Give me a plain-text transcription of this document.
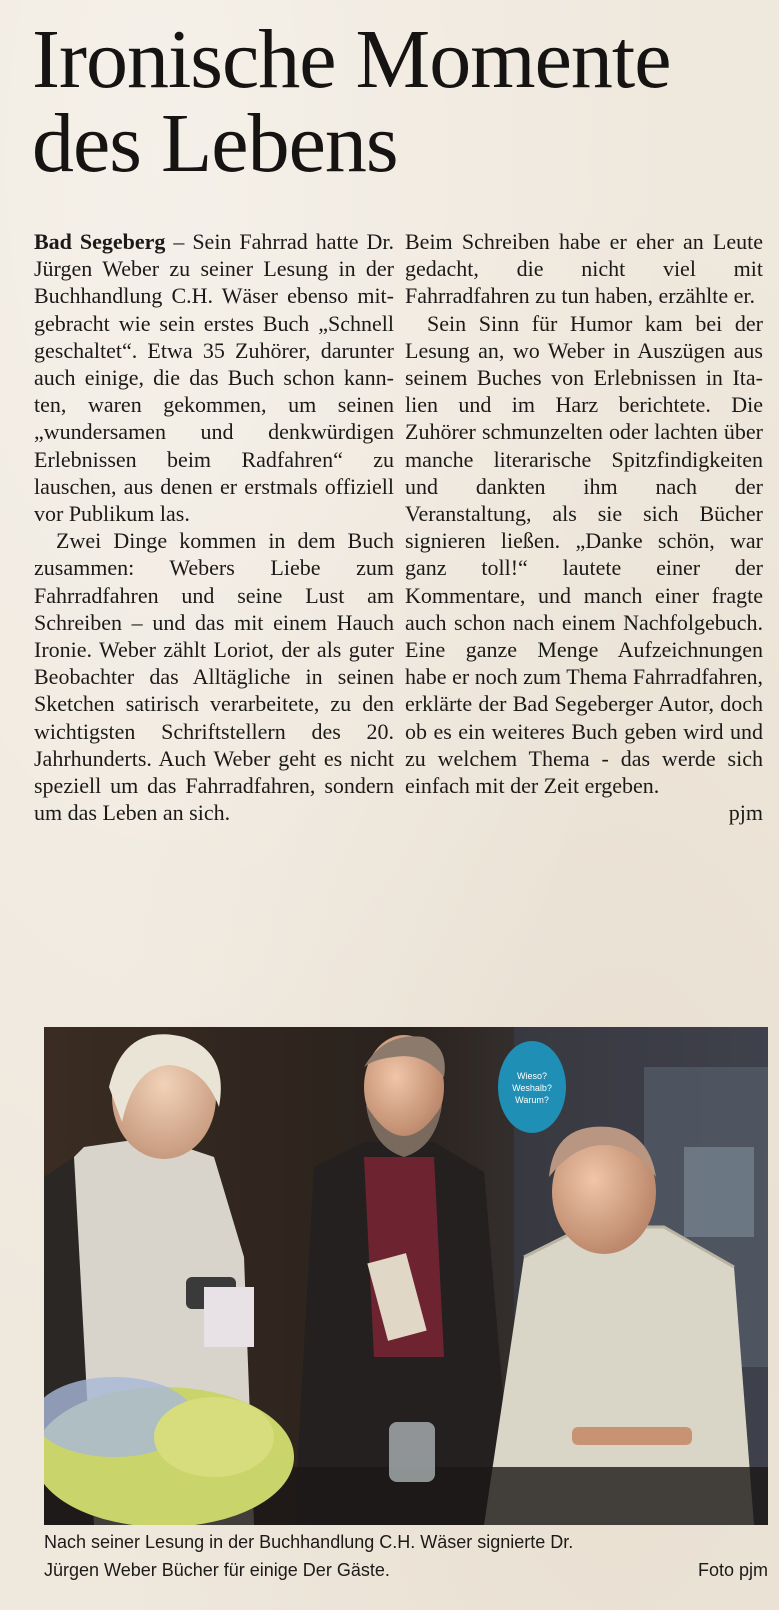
Ironische Momente
des Lebens

Bad Segeberg – Sein Fahrrad hatte Dr. Jürgen Weber zu seiner Lesung in der Buchhandlung C.H. Wäser ebenso mitgebracht wie sein erstes Buch „Schnell geschaltet“. Etwa 35 Zuhörer, darunter auch einige, die das Buch schon kannten, waren gekommen, um seinen „wundersamen und denkwürdigen Erlebnissen beim Radfahren“ zu lauschen, aus denen er erstmals offiziell vor Publikum las.

Zwei Dinge kommen in dem Buch zusammen: Webers Liebe zum Fahrradfahren und seine Lust am Schreiben – und das mit einem Hauch Ironie. Weber zählt Loriot, der als guter Beobachter das Alltägliche in seinen Sketchen satirisch verarbeitete, zu den wichtigsten Schriftstellern des 20. Jahrhunderts. Auch Weber geht es nicht speziell um das Fahrradfahren, sondern um das Leben an sich.

Beim Schreiben habe er eher an Leute gedacht, die nicht viel mit Fahrradfahren zu tun haben, erzählte er.

Sein Sinn für Humor kam bei der Lesung an, wo Weber in Auszügen aus seinem Buches von Erlebnissen in Italien und im Harz berichtete. Die Zuhörer schmunzelten oder lachten über manche literarische Spitzfindigkeiten und dankten ihm nach der Veranstaltung, als sie sich Bücher signieren ließen. „Danke schön, war ganz toll!“ lautete einer der Kommentare, und manch einer fragte auch schon nach einem Nachfolgebuch. Eine ganze Menge Aufzeichnungen habe er noch zum Thema Fahrradfahren, erklärte der Bad Segeberger Autor, doch ob es ein weiteres Buch geben wird und zu welchem Thema - das werde sich einfach mit der Zeit ergeben.

pjm
Wieso?
Weshalb?
Warum?
Nach seiner Lesung in der Buchhandlung C.H. Wäser signierte Dr.
Jürgen Weber Bücher für einige Der Gäste.	Foto pjm
